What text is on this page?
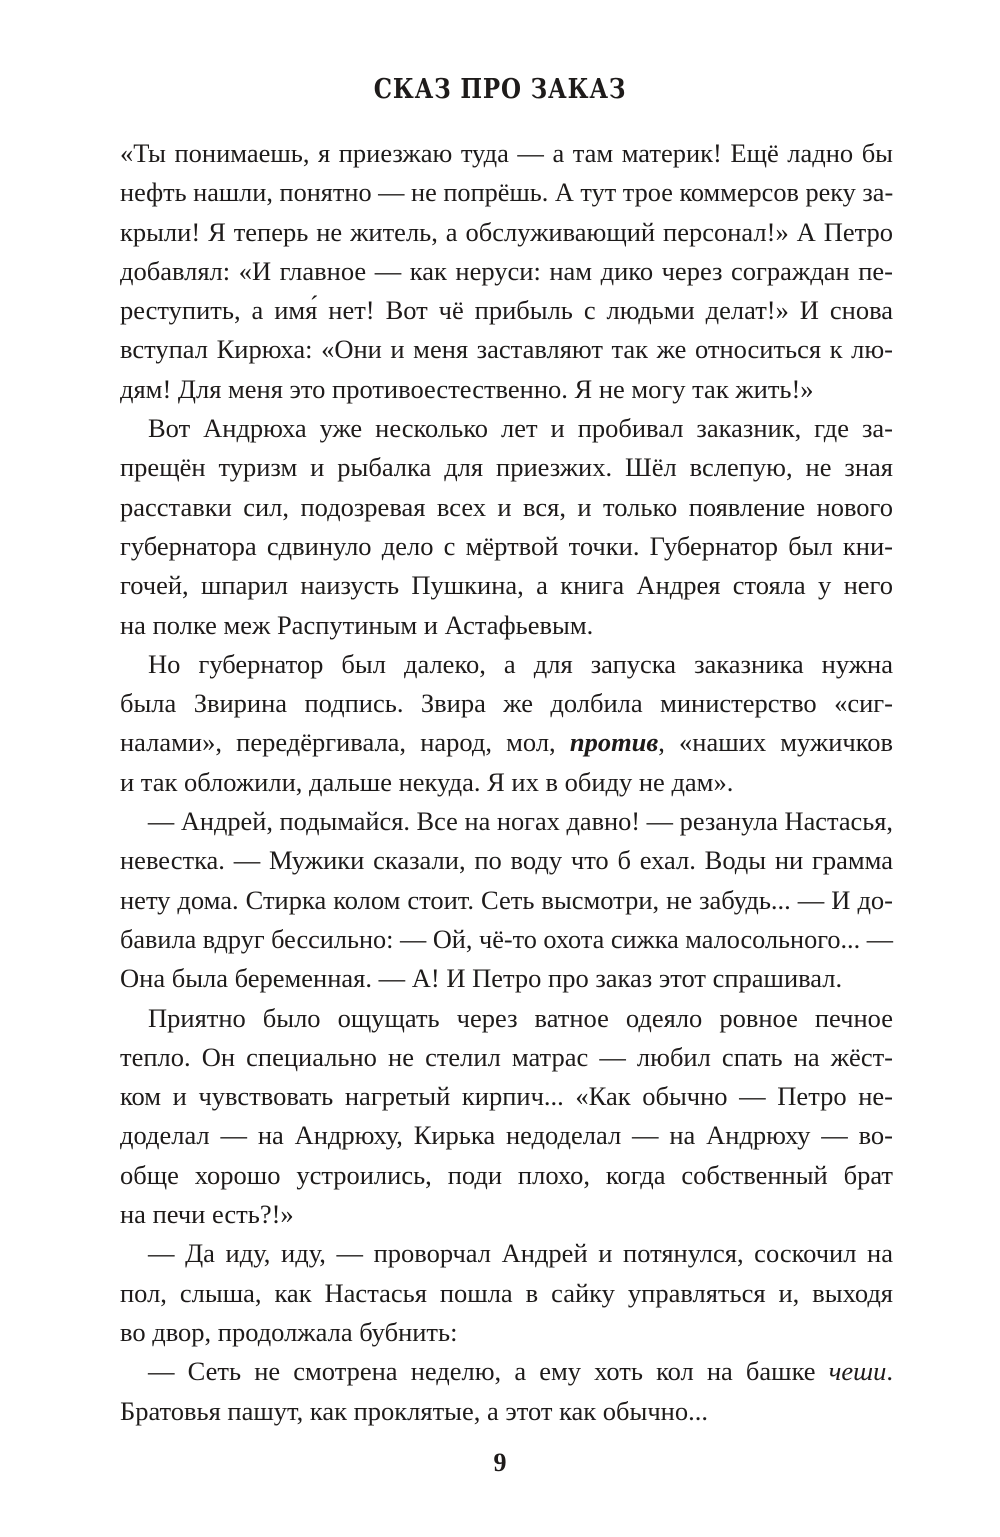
СКАЗ ПРО ЗАКАЗ
«Ты понимаешь, я приезжаю туда — а там материк! Ещё ладно бы
нефть нашли, понятно — не попрёшь. А тут трое коммерсов реку за-
крыли! Я теперь не житель, а обслуживающий персонал!» А Петро
добавлял: «И главное — как неруси: нам дико через сограждан пе-
реступить, а имя́ нет! Вот чё прибыль с людьми делат!» И снова
вступал Кирюха: «Они и меня заставляют так же относиться к лю-
дям! Для меня это противоестественно. Я не могу так жить!»
Вот Андрюха уже несколько лет и пробивал заказник, где за-
прещён туризм и рыбалка для приезжих. Шёл вслепую, не зная
расставки сил, подозревая всех и вся, и только появление нового
губернатора сдвинуло дело с мёртвой точки. Губернатор был кни-
гочей, шпарил наизусть Пушкина, а книга Андрея стояла у него
на полке меж Распутиным и Астафьевым.
Но губернатор был далеко, а для запуска заказника нужна
была Звирина подпись. Звира же долбила министерство «сиг-
налами», передёргивала, народ, мол, против, «наших мужичков
и так обложили, дальше некуда. Я их в обиду не дам».
— Андрей, подымайся. Все на ногах давно! — резанула Настасья,
невестка. — Мужики сказали, по воду что б ехал. Воды ни грамма
нету дома. Стирка колом стоит. Сеть высмотри, не забудь... — И до-
бавила вдруг бессильно: — Ой, чё-то охота сижка малосольного... —
Она была беременная. — А! И Петро про заказ этот спрашивал.
Приятно было ощущать через ватное одеяло ровное печное
тепло. Он специально не стелил матрас — любил спать на жёст-
ком и чувствовать нагретый кирпич... «Как обычно — Петро не-
доделал — на Андрюху, Кирька недоделал — на Андрюху — во-
обще хорошо устроились, поди плохо, когда собственный брат
на печи есть?!»
— Да иду, иду, — проворчал Андрей и потянулся, соскочил на
пол, слыша, как Настасья пошла в сайку управляться и, выходя
во двор, продолжала бубнить:
— Сеть не смотрена неделю, а ему хоть кол на башке чеши.
Братовья пашут, как проклятые, а этот как обычно...
9
